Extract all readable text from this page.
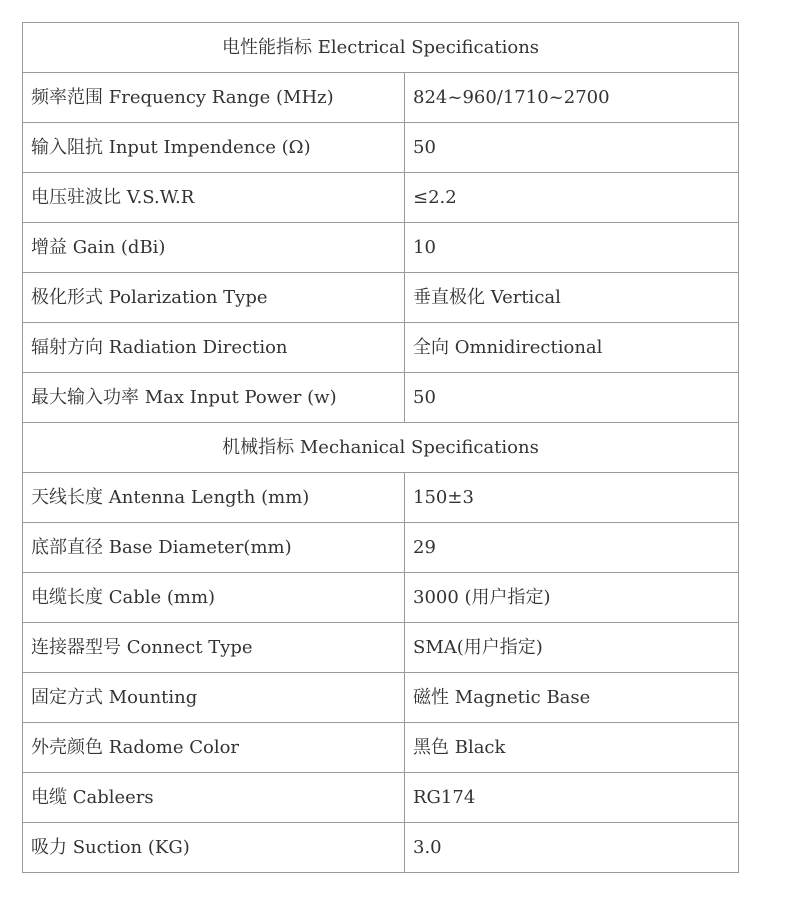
电性能指标 Electrical Specifications	
频率范围 Frequency Range (MHz)	824~960/1710~2700
输入阻抗 Input Impendence (Ω)	50
电压驻波比 V.S.W.R	≤2.2
增益 Gain (dBi)	10
极化形式 Polarization Type	垂直极化 Vertical
辐射方向 Radiation Direction	全向 Omnidirectional
最大输入功率 Max Input Power (w)	50
机械指标 Mechanical Specifications	
天线长度 Antenna Length (mm)	150±3
底部直径 Base Diameter(mm)	29
电缆长度 Cable (mm)	3000 (用户指定)
连接器型号 Connect Type	SMA(用户指定)
固定方式 Mounting	磁性 Magnetic Base
外壳颜色 Radome Color	黑色 Black
电缆 Cableers	RG174
吸力 Suction (KG)	3.0
